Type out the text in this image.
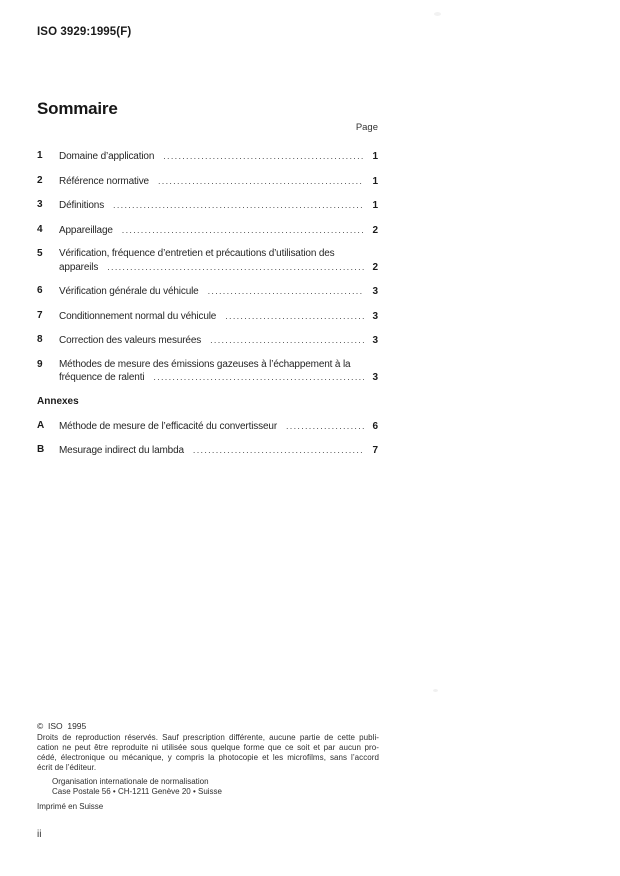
ISO 3929:1995(F)
Sommaire
Page
1	Domaine d’application .....	1
2	Référence normative .....	1
3	Définitions .....	1
4	Appareillage .....	2
5	Vérification, fréquence d’entretien et précautions d’utilisation des
appareils .....	2
6	Vérification générale du véhicule .....	3
7	Conditionnement normal du véhicule .....	3
8	Correction des valeurs mesurées .....	3
9	Méthodes de mesure des émissions gazeuses à l’échappement à la
fréquence de ralenti .....	3
Annexes
A	Méthode de mesure de l’efficacité du convertisseur .....	6
B	Mesurage indirect du lambda .....	7
©  ISO  1995
Droits de reproduction réservés. Sauf prescription différente, aucune partie de cette publi-
cation ne peut être reproduite ni utilisée sous quelque forme que ce soit et par aucun pro-
cédé, électronique ou mécanique, y compris la photocopie et les microfilms, sans l’accord
écrit de l’éditeur.
Organisation internationale de normalisation
Case Postale 56 • CH-1211 Genève 20 • Suisse
Imprimé en Suisse
ii
